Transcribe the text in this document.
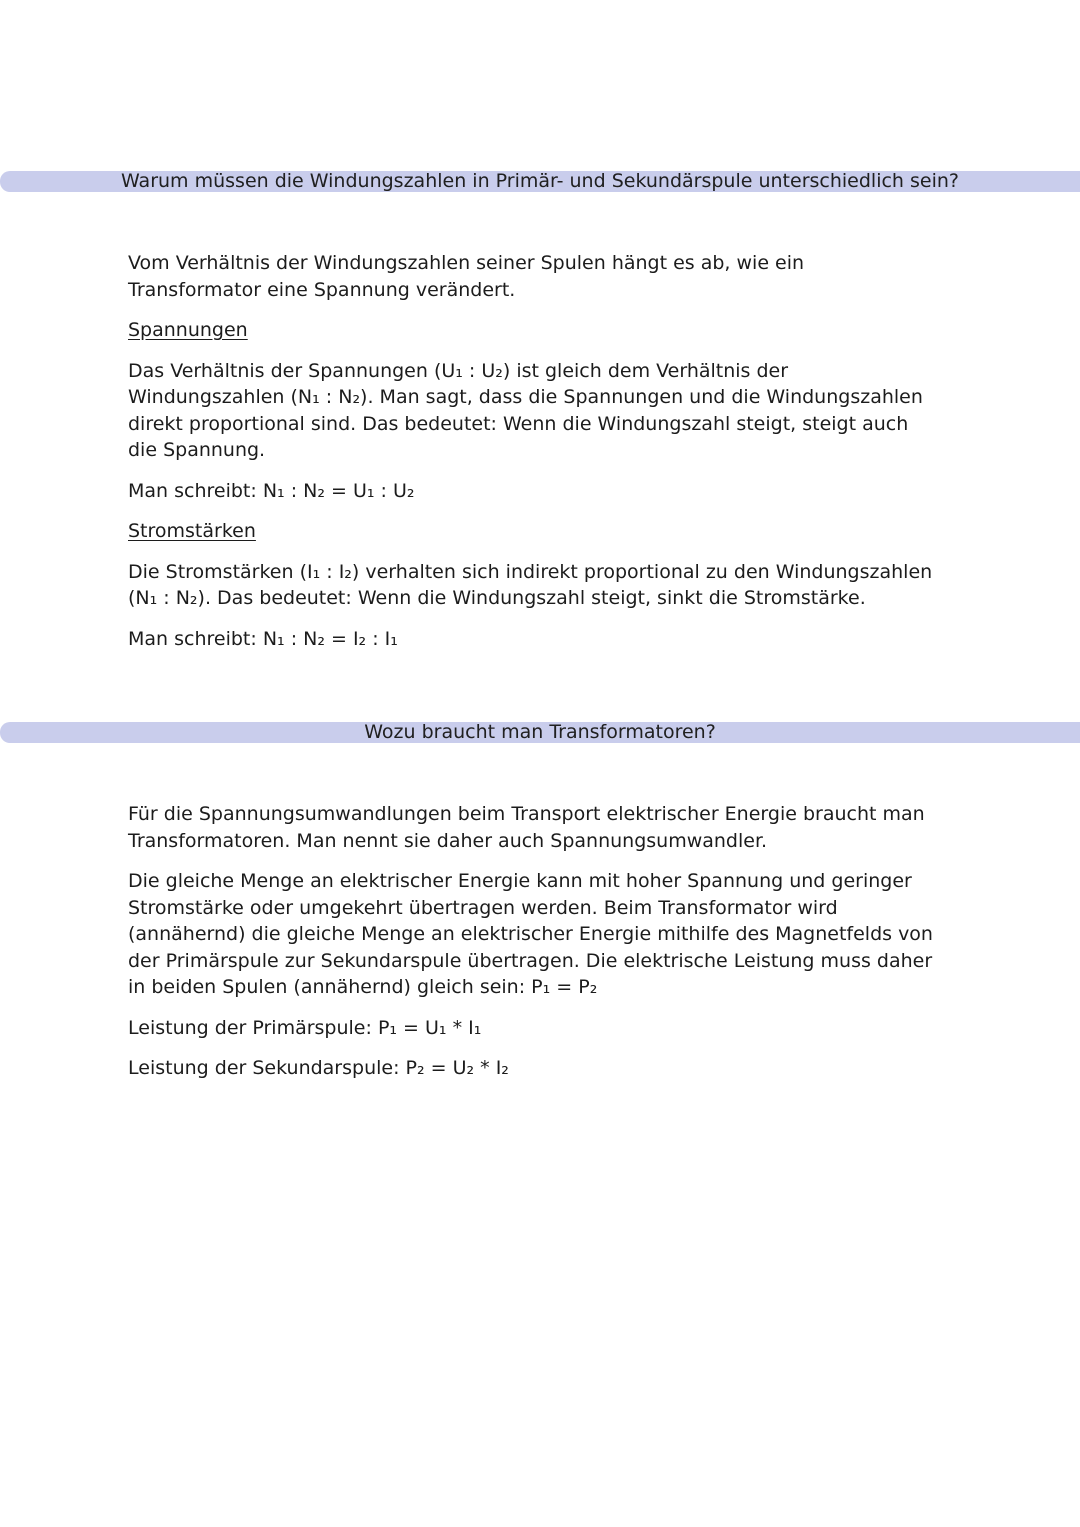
Warum müssen die Windungszahlen in Primär- und Sekundärspule unterschiedlich sein?

Vom Verhältnis der Windungszahlen seiner Spulen hängt es ab, wie ein Transformator eine Spannung verändert.

Spannungen

Das Verhältnis der Spannungen (U₁ : U₂) ist gleich dem Verhältnis der Windungszahlen (N₁ : N₂). Man sagt, dass die Spannungen und die Windungszahlen direkt proportional sind. Das bedeutet: Wenn die Windungszahl steigt, steigt auch die Spannung.

Man schreibt: N₁ : N₂ = U₁ : U₂

Stromstärken

Die Stromstärken (I₁ : I₂) verhalten sich indirekt proportional zu den Windungszahlen (N₁ : N₂). Das bedeutet: Wenn die Windungszahl steigt, sinkt die Stromstärke.

Man schreibt: N₁ : N₂ = I₂ : I₁

Wozu braucht man Transformatoren?

Für die Spannungsumwandlungen beim Transport elektrischer Energie braucht man Transformatoren. Man nennt sie daher auch Spannungsumwandler.

Die gleiche Menge an elektrischer Energie kann mit hoher Spannung und geringer Stromstärke oder umgekehrt übertragen werden. Beim Transformator wird (annähernd) die gleiche Menge an elektrischer Energie mithilfe des Magnetfelds von der Primärspule zur Sekundarspule übertragen. Die elektrische Leistung muss daher in beiden Spulen (annähernd) gleich sein: P₁ = P₂

Leistung der Primärspule: P₁ = U₁ * I₁

Leistung der Sekundarspule: P₂ = U₂ * I₂
